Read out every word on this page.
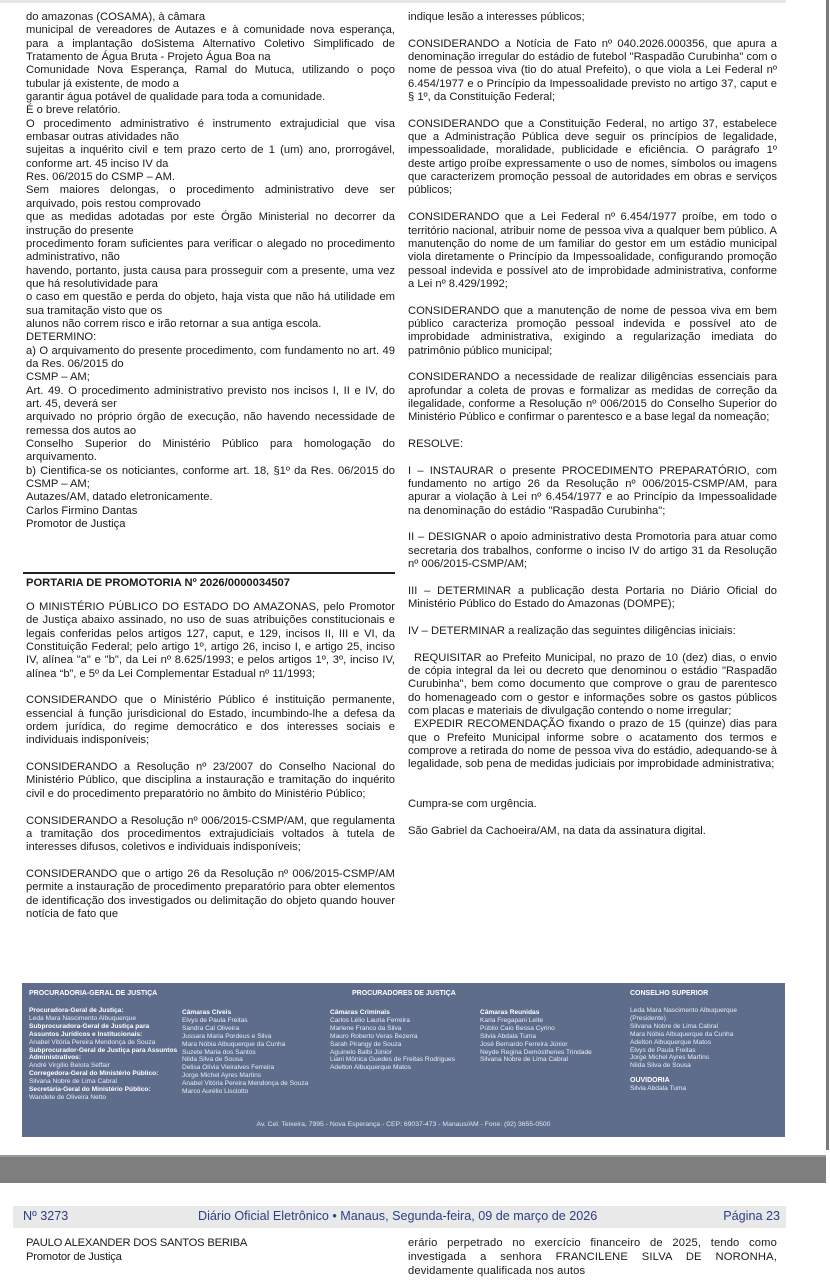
do amazonas (COSAMA), à câmara

municipal de vereadores de Autazes e à comunidade nova esperança, para a implantação doSistema Alternativo Coletivo Simplificado de Tratamento de Água Bruta - Projeto Água Boa na

Comunidade Nova Esperança, Ramal do Mutuca, utilizando o poço tubular já existente, de modo a

garantir água potável de qualidade para toda a comunidade.

É o breve relatório.

O procedimento administrativo é instrumento extrajudicial que visa embasar outras atividades não

sujeitas a inquérito civil e tem prazo certo de 1 (um) ano, prorrogável, conforme art. 45 inciso IV da

Res. 06/2015 do CSMP – AM.

Sem maiores delongas, o procedimento administrativo deve ser arquivado, pois restou comprovado

que as medidas adotadas por este Órgão Ministerial no decorrer da instrução do presente

procedimento foram suficientes para verificar o alegado no procedimento administrativo, não

havendo, portanto, justa causa para prosseguir com a presente, uma vez que há resolutividade para

o caso em questão e perda do objeto, haja vista que não há utilidade em sua tramitação visto que os

alunos não correm risco e irão retornar a sua antiga escola.

DETERMINO:

a) O arquivamento do presente procedimento, com fundamento no art. 49 da Res. 06/2015 do

CSMP – AM;

Art. 49. O procedimento administrativo previsto nos incisos I, II e IV, do art. 45, deverá ser

arquivado no próprio órgão de execução, não havendo necessidade de remessa dos autos ao

Conselho Superior do Ministério Público para homologação do arquivamento.

b) Cientifica-se os noticiantes, conforme art. 18, §1º da Res. 06/2015 do CSMP – AM;

Autazes/AM, datado eletronicamente.

Carlos Firmino Dantas

Promotor de Justiça

PORTARIA DE PROMOTORIA Nº 2026/0000034507

O MINISTÉRIO PÚBLICO DO ESTADO DO AMAZONAS, pelo Promotor de Justiça abaixo assinado, no uso de suas atribuições constitucionais e legais conferidas pelos artigos 127, caput, e 129, incisos II, III e VI, da Constituição Federal; pelo artigo 1º, artigo 26, inciso I, e artigo 25, inciso IV, alínea "a" e "b", da Lei nº 8.625/1993; e pelos artigos 1º, 3º, inciso IV, alínea “b”, e 5º da Lei Complementar Estadual nº 11/1993;

CONSIDERANDO que o Ministério Público é instituição permanente, essencial à função jurisdicional do Estado, incumbindo-lhe a defesa da ordem jurídica, do regime democrático e dos interesses sociais e individuais indisponíveis;

CONSIDERANDO a Resolução nº 23/2007 do Conselho Nacional do Ministério Público, que disciplina a instauração e tramitação do inquérito civil e do procedimento preparatório no âmbito do Ministério Público;

CONSIDERANDO a Resolução nº 006/2015-CSMP/AM, que regulamenta a tramitação dos procedimentos extrajudiciais voltados à tutela de interesses difusos, coletivos e individuais indisponíveis;

CONSIDERANDO que o artigo 26 da Resolução nº 006/2015-CSMP/AM permite a instauração de procedimento preparatório para obter elementos de identificação dos investigados ou delimitação do objeto quando houver notícia de fato que

indique lesão a interesses públicos;

CONSIDERANDO a Notícia de Fato nº 040.2026.000356, que apura a denominação irregular do estádio de futebol "Raspadão Curubinha" com o nome de pessoa viva (tio do atual Prefeito), o que viola a Lei Federal nº 6.454/1977 e o Princípio da Impessoalidade previsto no artigo 37, caput e § 1º, da Constituição Federal;

CONSIDERANDO que a Constituição Federal, no artigo 37, estabelece que a Administração Pública deve seguir os princípios de legalidade, impessoalidade, moralidade, publicidade e eficiência. O parágrafo 1º deste artigo proíbe expressamente o uso de nomes, símbolos ou imagens que caracterizem promoção pessoal de autoridades em obras e serviços públicos;

CONSIDERANDO que a Lei Federal nº 6.454/1977 proíbe, em todo o território nacional, atribuir nome de pessoa viva a qualquer bem público. A manutenção do nome de um familiar do gestor em um estádio municipal viola diretamente o Princípio da Impessoalidade, configurando promoção pessoal indevida e possível ato de improbidade administrativa, conforme a Lei nº 8.429/1992;

CONSIDERANDO que a manutenção de nome de pessoa viva em bem público caracteriza promoção pessoal indevida e possível ato de improbidade administrativa, exigindo a regularização imediata do patrimônio público municipal;

CONSIDERANDO a necessidade de realizar diligências essenciais para aprofundar a coleta de provas e formalizar as medidas de correção da ilegalidade, conforme a Resolução nº 006/2015 do Conselho Superior do Ministério Público e confirmar o parentesco e a base legal da nomeação;

RESOLVE:

I – INSTAURAR o presente PROCEDIMENTO PREPARATÓRIO, com fundamento no artigo 26 da Resolução nº 006/2015-CSMP/AM, para apurar a violação à Lei nº 6.454/1977 e ao Princípio da Impessoalidade na denominação do estádio "Raspadão Curubinha";

II – DESIGNAR o apoio administrativo desta Promotoria para atuar como secretaria dos trabalhos, conforme o inciso IV do artigo 31 da Resolução nº 006/2015-CSMP/AM;

III – DETERMINAR a publicação desta Portaria no Diário Oficial do Ministério Público do Estado do Amazonas (DOMPE);

IV – DETERMINAR a realização das seguintes diligências iniciais:

REQUISITAR ao Prefeito Municipal, no prazo de 10 (dez) dias, o envio de cópia integral da lei ou decreto que denominou o estádio "Raspadão Curubinha", bem como documento que comprove o grau de parentesco do homenageado com o gestor e informações sobre os gastos públicos com placas e materiais de divulgação contendo o nome irregular;

EXPEDIR RECOMENDAÇÃO fixando o prazo de 15 (quinze) dias para que o Prefeito Municipal informe sobre o acatamento dos termos e comprove a retirada do nome de pessoa viva do estádio, adequando-se à legalidade, sob pena de medidas judiciais por improbidade administrativa;

Cumpra-se com urgência.

São Gabriel da Cachoeira/AM, na data da assinatura digital.

PROCURADORIA-GERAL DE JUSTIÇA
Procuradora-Geral de Justiça:
Leda Mara Nascimento Albuquerque
Subprocuradora-Geral de Justiça para Assuntos Jurídicos e Institucionais:
Anabel Vitória Pereira Mendonça de Souza
Subprocurador-Geral de Justiça para Assuntos Administrativos:
André Virgílio Belota Seffair
Corregedora-Geral do Ministério Público:
Silvana Nobre de Lima Cabral
Secretária-Geral do Ministério Público:
Wandete de Oliveira Netto
Câmaras Cíveis
Elvys de Paula Freitas
Sandra Cal Oliveira
Jussara Maria Pordeus e Silva
Mara Nóbia Albuquerque da Cunha
Suzete Maria dos Santos
Nilda Silva de Sousa
Delisa Olívia Vieiralves Ferreira
Jorge Michel Ayres Martins
Anabel Vitória Pereira Mendonça de Souza
Marco Aurélio Lisciotto
PROCURADORES DE JUSTIÇA
Câmaras Criminais
Carlos Lélio Lauria Ferreira
Marlene Franco da Silva
Mauro Roberto Veras Bezerra
Sarah Pirangy de Souza
Aguinelo Balbi Júnior
Liani Mônica Guedes de Freitas Rodrigues
Adelton Albuquerque Matos
Câmaras Reunidas
Karla Fregapani Leite
Públio Caio Bessa Cyrino
Silvia Abdala Tuma
José Bernardo Ferreira Júnior
Neyde Regina Demósthenes Trindade
Silvana Nobre de Lima Cabral
CONSELHO SUPERIOR
Leda Mara Nascimento Albuquerque
(Presidente)
Silvana Nobre de Lima Cabral
Mara Nóbia Albuquerque da Cunha
Adelton Albuquerque Matos
Elvys de Paula Freitas
Jorge Michel Ayres Martins
Nilda Silva de Sousa
OUVIDORIA
Silvia Abdala Tuma
Av. Cel. Teixeira, 7995 - Nova Esperança - CEP: 69037-473 - Manaus/AM - Fone: (92) 3655-0500
Nº 3273	Diário Oficial Eletrônico • Manaus, Segunda-feira, 09 de março de 2026	Página 23
PAULO ALEXANDER DOS SANTOS BERIBA
Promotor de Justiça
erário perpetrado no exercício financeiro de 2025, tendo como investigada a senhora FRANCILENE SILVA DE NORONHA, devidamente qualificada nos autos
